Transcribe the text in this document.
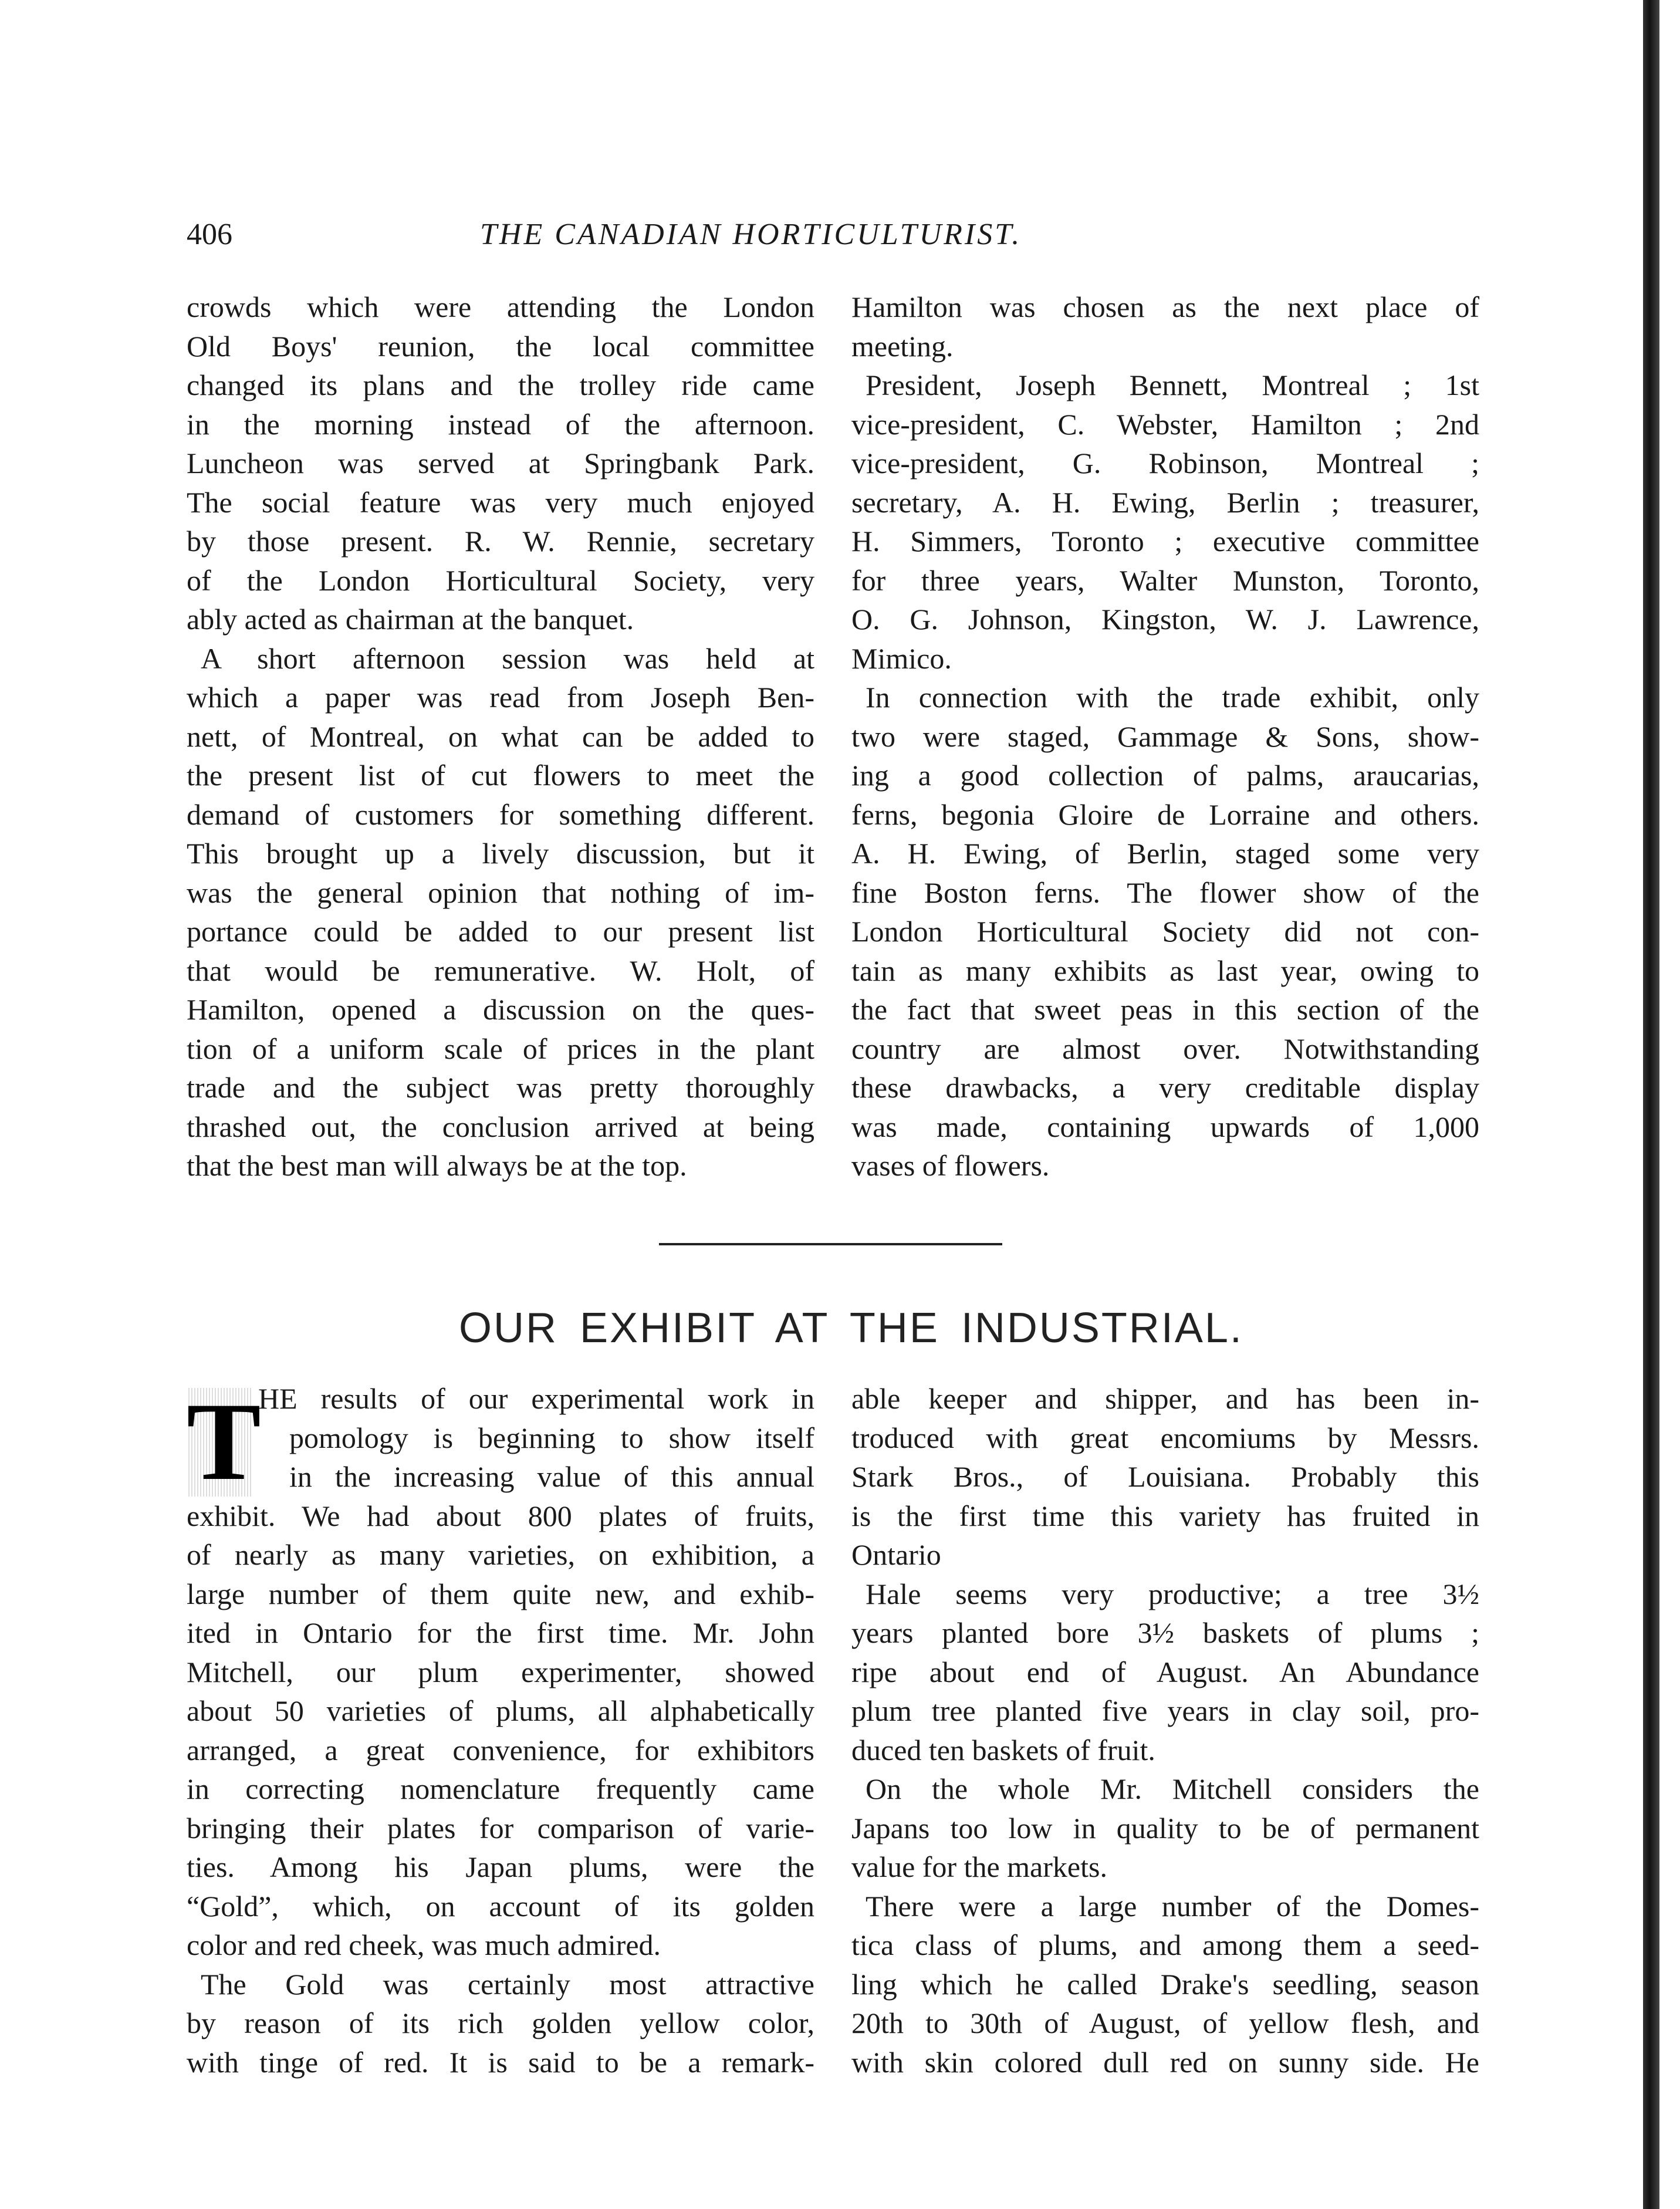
406	THE CANADIAN HORTICULTURIST.
crowds which were attending the London
Old Boys' reunion, the local committee
changed its plans and the trolley ride came
in the morning instead of the afternoon.
Luncheon was served at Springbank Park.
The social feature was very much enjoyed
by those present. R. W. Rennie, secretary
of the London Horticultural Society, very
ably acted as chairman at the banquet.
A short afternoon session was held at
which a paper was read from Joseph Ben-
nett, of Montreal, on what can be added to
the present list of cut flowers to meet the
demand of customers for something different.
This brought up a lively discussion, but it
was the general opinion that nothing of im-
portance could be added to our present list
that would be remunerative. W. Holt, of
Hamilton, opened a discussion on the ques-
tion of a uniform scale of prices in the plant
trade and the subject was pretty thoroughly
thrashed out, the conclusion arrived at being
that the best man will always be at the top.
Hamilton was chosen as the next place of
meeting.
President, Joseph Bennett, Montreal ; 1st
vice-president, C. Webster, Hamilton ; 2nd
vice-president, G. Robinson, Montreal ;
secretary, A. H. Ewing, Berlin ; treasurer,
H. Simmers, Toronto ; executive committee
for three years, Walter Munston, Toronto,
O. G. Johnson, Kingston, W. J. Lawrence,
Mimico.
In connection with the trade exhibit, only
two were staged, Gammage & Sons, show-
ing a good collection of palms, araucarias,
ferns, begonia Gloire de Lorraine and others.
A. H. Ewing, of Berlin, staged some very
fine Boston ferns. The flower show of the
London Horticultural Society did not con-
tain as many exhibits as last year, owing to
the fact that sweet peas in this section of the
country are almost over. Notwithstanding
these drawbacks, a very creditable display
was made, containing upwards of 1,000
vases of flowers.
OUR EXHIBIT AT THE INDUSTRIAL.
T
HE results of our experimental work in
pomology is beginning to show itself
in the increasing value of this annual
exhibit. We had about 800 plates of fruits,
of nearly as many varieties, on exhibition, a
large number of them quite new, and exhib-
ited in Ontario for the first time. Mr. John
Mitchell, our plum experimenter, showed
about 50 varieties of plums, all alphabetically
arranged, a great convenience, for exhibitors
in correcting nomenclature frequently came
bringing their plates for comparison of varie-
ties. Among his Japan plums, were the
“Gold”, which, on account of its golden
color and red cheek, was much admired.
The Gold was certainly most attractive
by reason of its rich golden yellow color,
with tinge of red. It is said to be a remark-
able keeper and shipper, and has been in-
troduced with great encomiums by Messrs.
Stark Bros., of Louisiana. Probably this
is the first time this variety has fruited in
Ontario
Hale seems very productive; a tree 3½
years planted bore 3½ baskets of plums ;
ripe about end of August. An Abundance
plum tree planted five years in clay soil, pro-
duced ten baskets of fruit.
On the whole Mr. Mitchell considers the
Japans too low in quality to be of permanent
value for the markets.
There were a large number of the Domes-
tica class of plums, and among them a seed-
ling which he called Drake's seedling, season
20th to 30th of August, of yellow flesh, and
with skin colored dull red on sunny side. He
